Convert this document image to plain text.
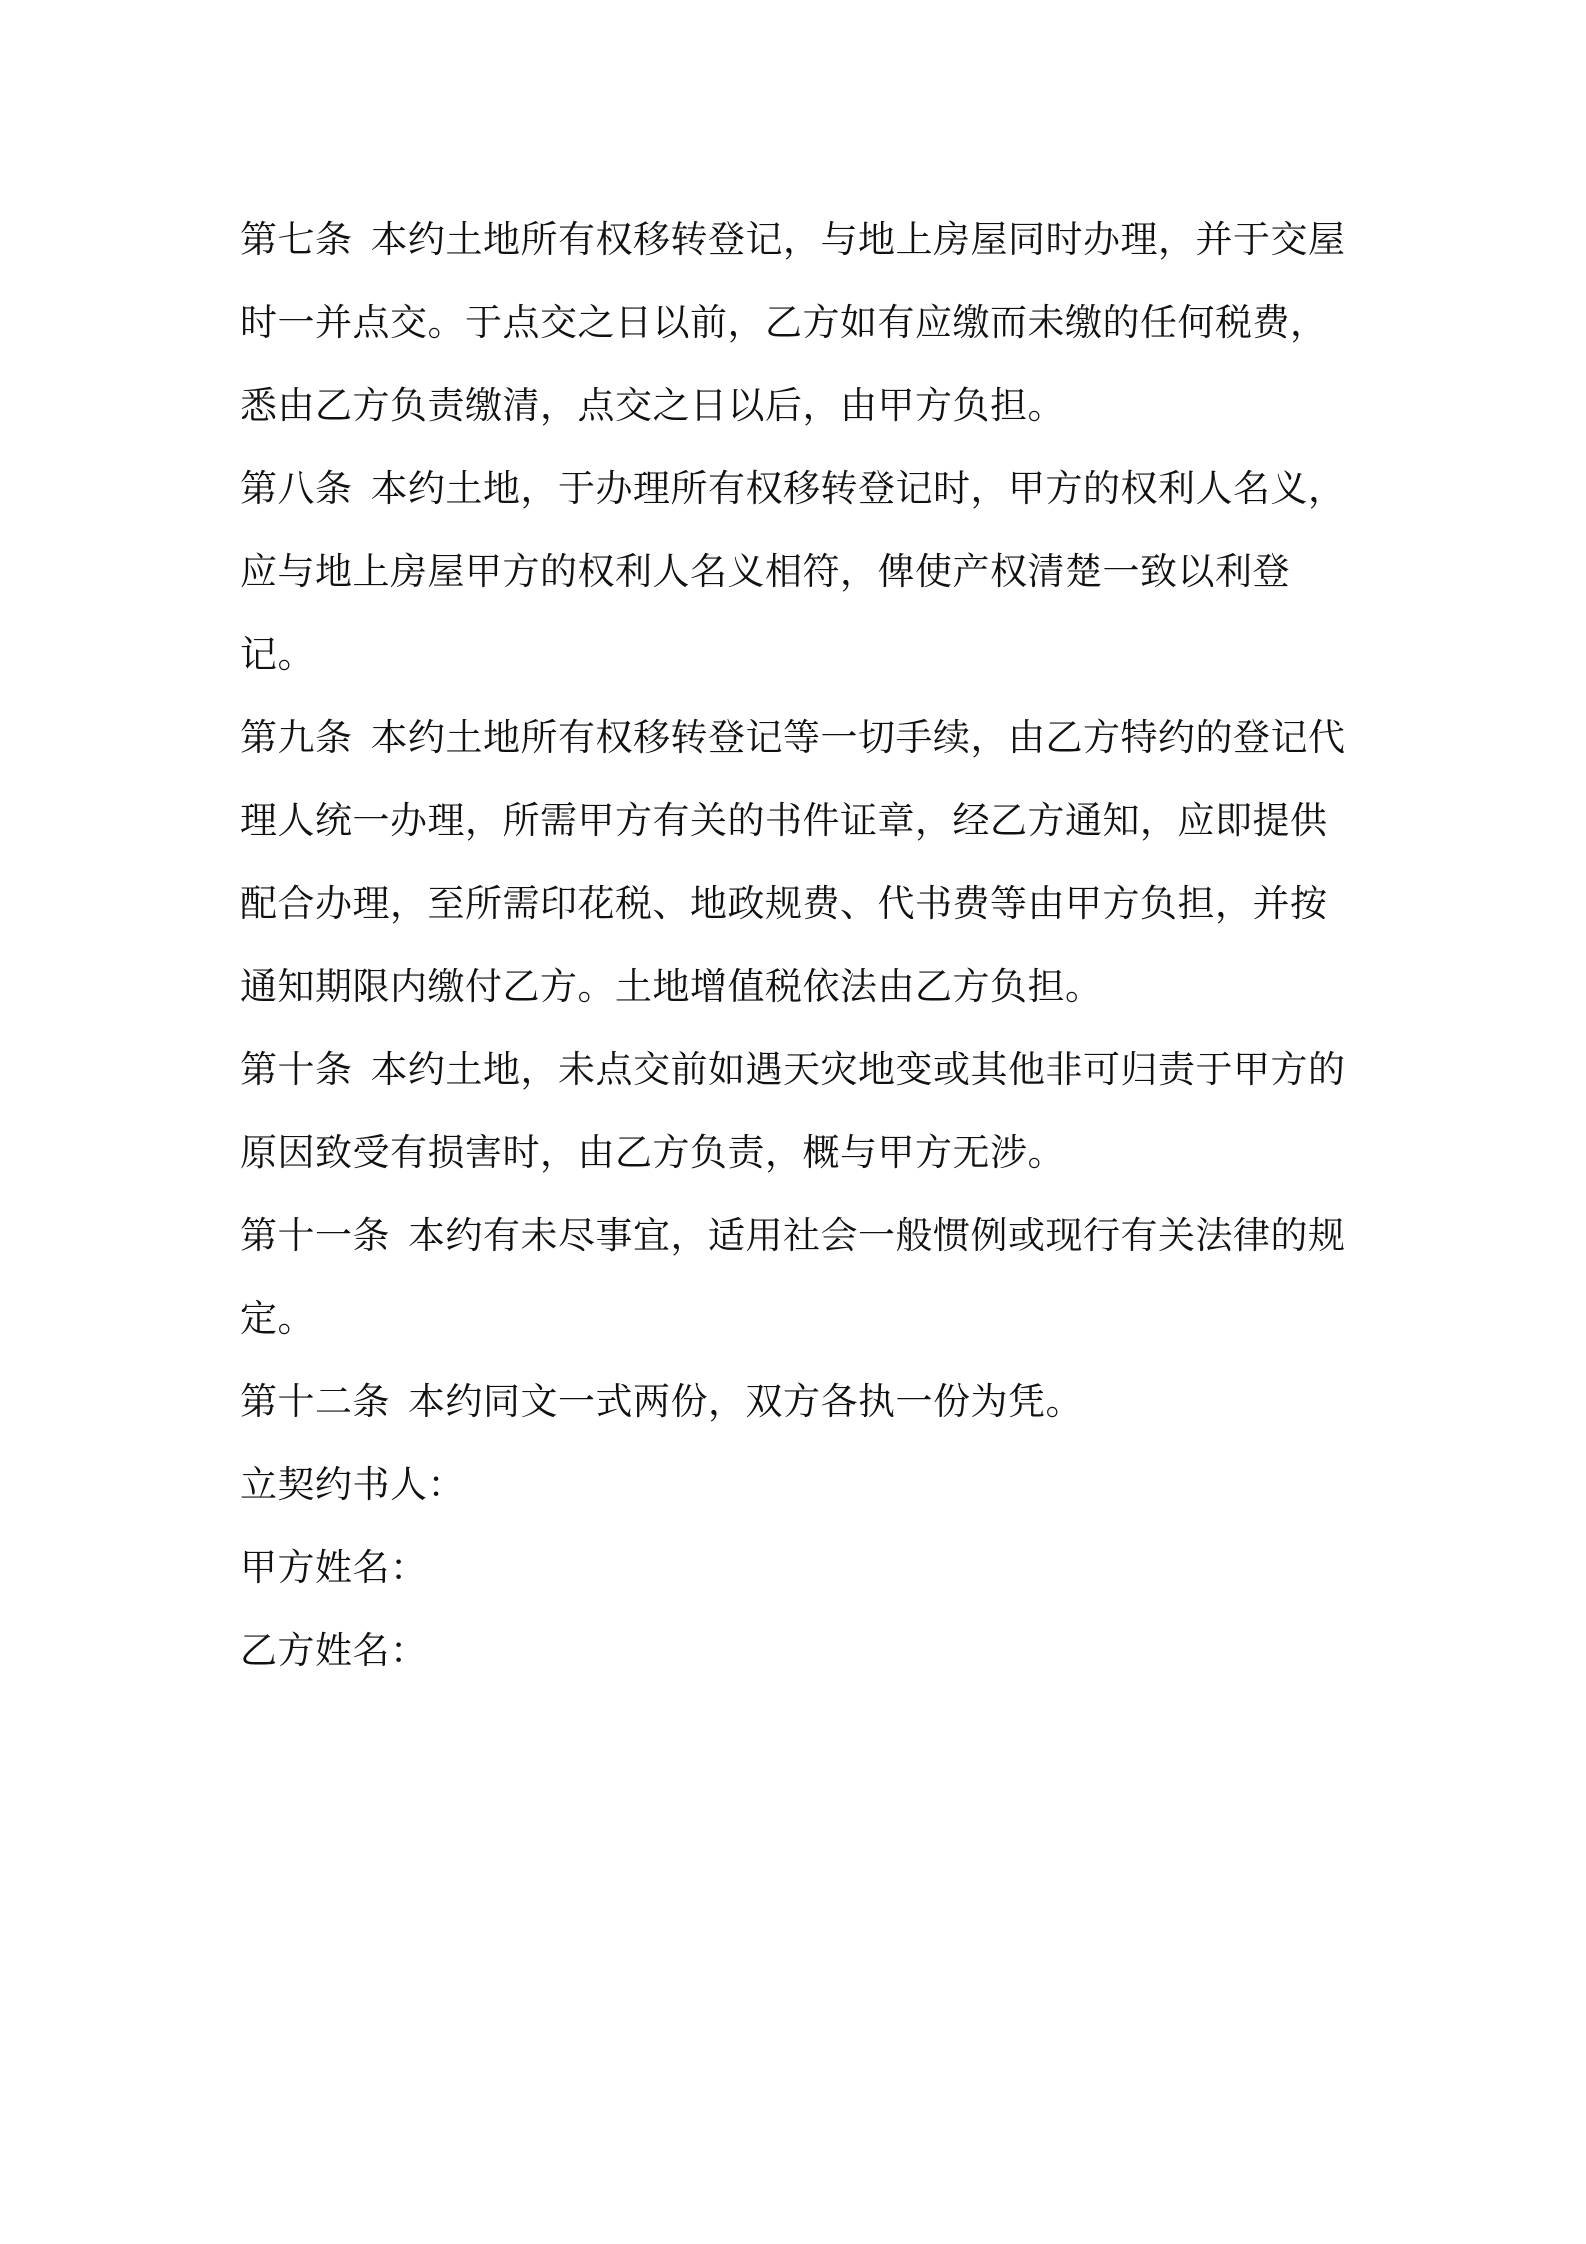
第七条 本约土地所有权移转登记，与地上房屋同时办理，并于交屋时一并点交。于点交之日以前，乙方如有应缴而未缴的任何税费，悉由乙方负责缴清，点交之日以后，由甲方负担。

第八条 本约土地，于办理所有权移转登记时，甲方的权利人名义，应与地上房屋甲方的权利人名义相符，俾使产权清楚一致以利登记。

第九条 本约土地所有权移转登记等一切手续，由乙方特约的登记代理人统一办理，所需甲方有关的书件证章，经乙方通知，应即提供配合办理，至所需印花税、地政规费、代书费等由甲方负担，并按通知期限内缴付乙方。土地增值税依法由乙方负担。

第十条 本约土地，未点交前如遇天灾地变或其他非可归责于甲方的原因致受有损害时，由乙方负责，概与甲方无涉。

第十一条 本约有未尽事宜，适用社会一般惯例或现行有关法律的规定。

第十二条 本约同文一式两份，双方各执一份为凭。

立契约书人：

甲方姓名：

乙方姓名：
